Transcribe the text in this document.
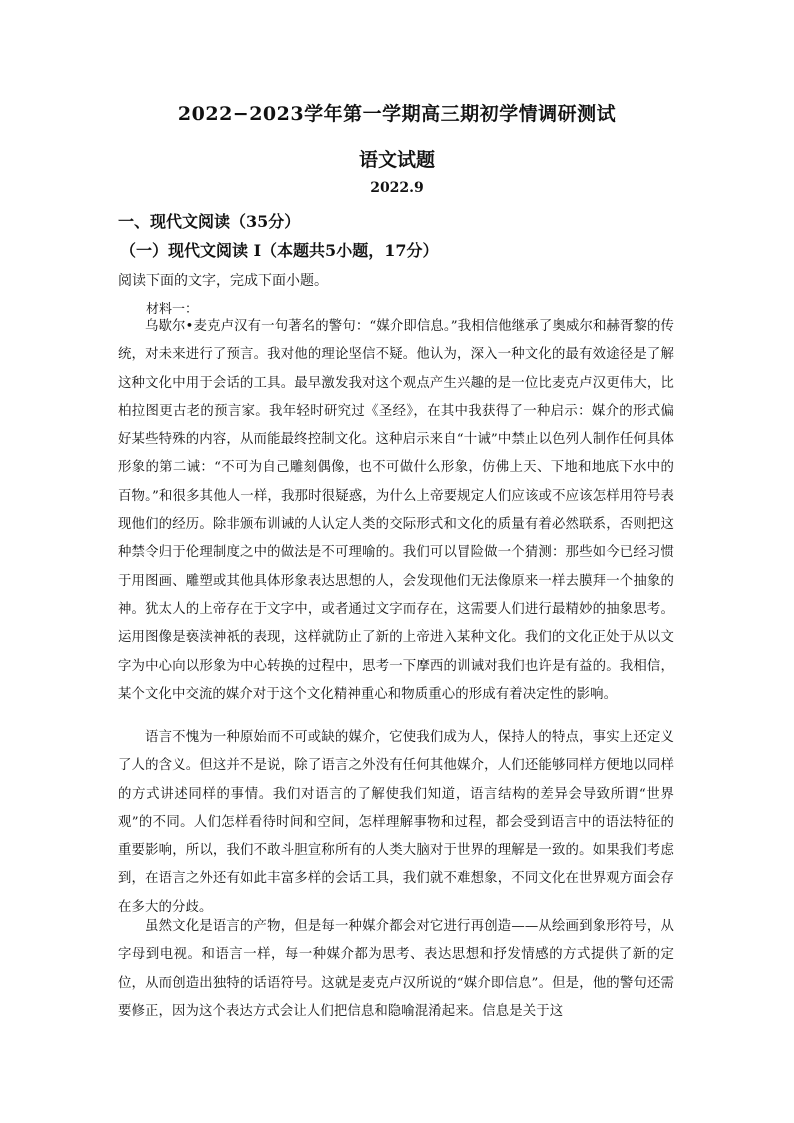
2022−2023学年第一学期高三期初学情调研测试
语文试题
2022.9
一、现代文阅读（35分）
（一）现代文阅读 I（本题共5小题，17分）
阅读下面的文字，完成下面小题。
材料一：

乌歇尔•麦克卢汉有一句著名的警句：“媒介即信息。”我相信他继承了奥威尔和赫胥黎的传统，对未来进行了预言。我对他的理论坚信不疑。他认为，深入一种文化的最有效途径是了解这种文化中用于会话的工具。最早激发我对这个观点产生兴趣的是一位比麦克卢汉更伟大，比柏拉图更古老的预言家。我年轻时研究过《圣经》，在其中我获得了一种启示：媒介的形式偏好某些特殊的内容，从而能最终控制文化。这种启示来自“十诫”中禁止以色列人制作任何具体形象的第二诫：“不可为自己雕刻偶像，也不可做什么形象，仿佛上天、下地和地底下水中的百物。”和很多其他人一样，我那时很疑惑，为什么上帝要规定人们应该或不应该怎样用符号表现他们的经历。除非颁布训诫的人认定人类的交际形式和文化的质量有着必然联系，否则把这种禁令归于伦理制度之中的做法是不可理喻的。我们可以冒险做一个猜测：那些如今已经习惯于用图画、雕塑或其他具体形象表达思想的人，会发现他们无法像原来一样去膜拜一个抽象的神。犹太人的上帝存在于文字中，或者通过文字而存在，这需要人们进行最精妙的抽象思考。运用图像是亵渎神祇的表现，这样就防止了新的上帝进入某种文化。我们的文化正处于从以文字为中心向以形象为中心转换的过程中，思考一下摩西的训诫对我们也许是有益的。我相信，某个文化中交流的媒介对于这个文化精神重心和物质重心的形成有着决定性的影响。

语言不愧为一种原始而不可或缺的媒介，它使我们成为人，保持人的特点，事实上还定义了人的含义。但这并不是说，除了语言之外没有任何其他媒介，人们还能够同样方便地以同样的方式讲述同样的事情。我们对语言的了解使我们知道，语言结构的差异会导致所谓“世界观”的不同。人们怎样看待时间和空间，怎样理解事物和过程，都会受到语言中的语法特征的重要影响，所以，我们不敢斗胆宣称所有的人类大脑对于世界的理解是一致的。如果我们考虑到，在语言之外还有如此丰富多样的会话工具，我们就不难想象，不同文化在世界观方面会存在多大的分歧。

虽然文化是语言的产物，但是每一种媒介都会对它进行再创造——从绘画到象形符号，从字母到电视。和语言一样，每一种媒介都为思考、表达思想和抒发情感的方式提供了新的定位，从而创造出独特的话语符号。这就是麦克卢汉所说的“媒介即信息”。但是，他的警句还需要修正，因为这个表达方式会让人们把信息和隐喻混淆起来。信息是关于这
